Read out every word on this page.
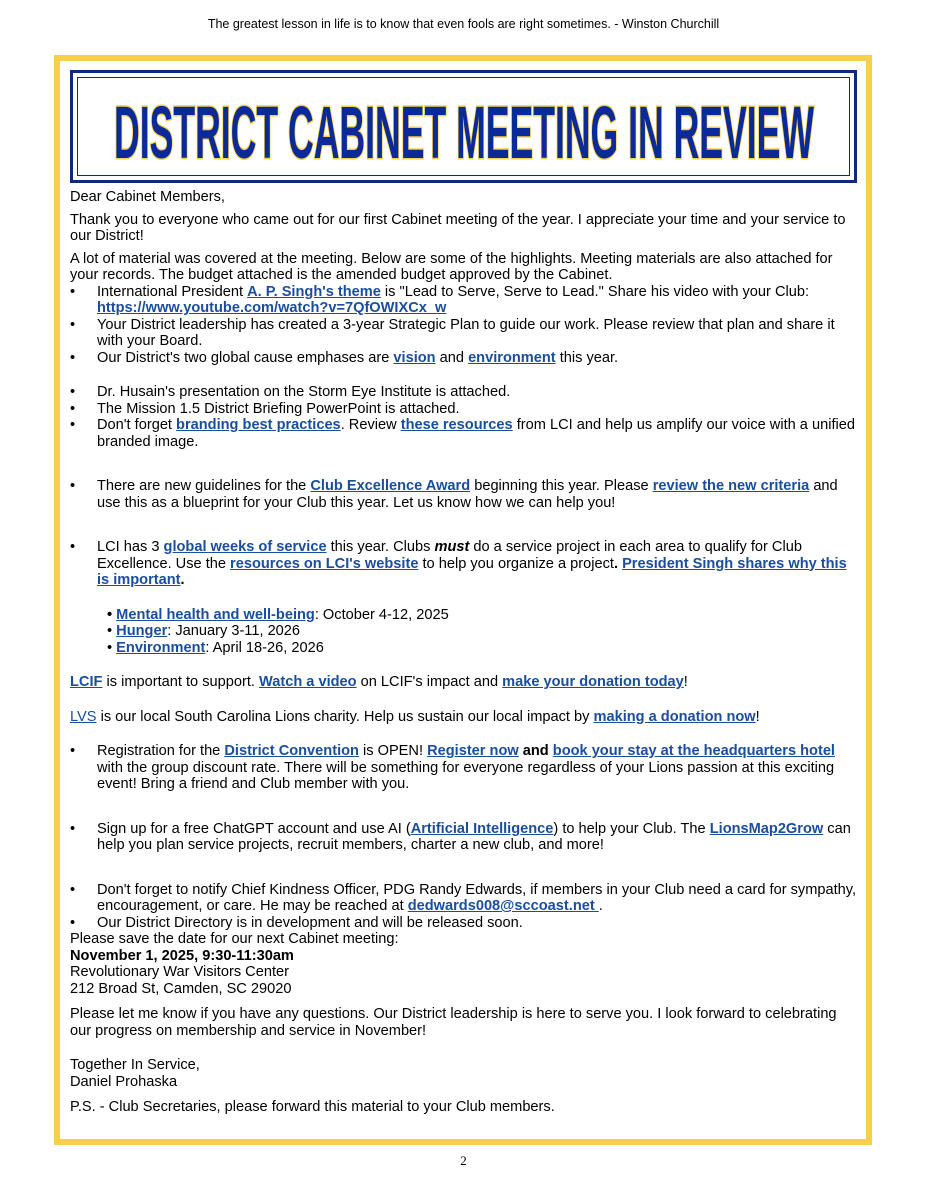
The greatest lesson in life is to know that even fools are right sometimes. - Winston Churchill
DISTRICT CABINET MEETING IN REVIEW

Dear Cabinet Members,

Thank you to everyone who came out for our first Cabinet meeting of the year. I appreciate your time and your service to our District!

A lot of material was covered at the meeting. Below are some of the highlights. Meeting materials are also attached for your records. The budget attached is the amended budget approved by the Cabinet.

• International President A. P. Singh's theme is "Lead to Serve, Serve to Lead." Share his video with your Club: https://www.youtube.com/watch?v=7QfOWIXCx_w
• Your District leadership has created a 3-year Strategic Plan to guide our work. Please review that plan and share it with your Board.
• Our District's two global cause emphases are vision and environment this year.
• Dr. Husain's presentation on the Storm Eye Institute is attached.
• The Mission 1.5 District Briefing PowerPoint is attached.
• Don't forget branding best practices. Review these resources from LCI and help us amplify our voice with a unified branded image.
• There are new guidelines for the Club Excellence Award beginning this year. Please review the new criteria and use this as a blueprint for your Club this year. Let us know how we can help you!
• LCI has 3 global weeks of service this year. Clubs must do a service project in each area to qualify for Club Excellence. Use the resources on LCI's website to help you organize a project. President Singh shares why this is important.

• Mental health and well-being: October 4-12, 2025

• Hunger: January 3-11, 2026

• Environment: April 18-26, 2026

LCIF is important to support. Watch a video on LCIF's impact and make your donation today!

LVS is our local South Carolina Lions charity. Help us sustain our local impact by making a donation now!

• Registration for the District Convention is OPEN! Register now and book your stay at the headquarters hotel with the group discount rate. There will be something for everyone regardless of your Lions passion at this exciting event! Bring a friend and Club member with you.
• Sign up for a free ChatGPT account and use AI (Artificial Intelligence) to help your Club. The LionsMap2Grow can help you plan service projects, recruit members, charter a new club, and more!
• Don't forget to notify Chief Kindness Officer, PDG Randy Edwards, if members in your Club need a card for sympathy, encouragement, or care. He may be reached at dedwards008@sccoast.net .
• Our District Directory is in development and will be released soon.

Please save the date for our next Cabinet meeting:

November 1, 2025, 9:30-11:30am

Revolutionary War Visitors Center

212 Broad St, Camden, SC 29020

Please let me know if you have any questions. Our District leadership is here to serve you. I look forward to celebrating our progress on membership and service in November!

Together In Service,

Daniel Prohaska

P.S. - Club Secretaries, please forward this material to your Club members.

2
